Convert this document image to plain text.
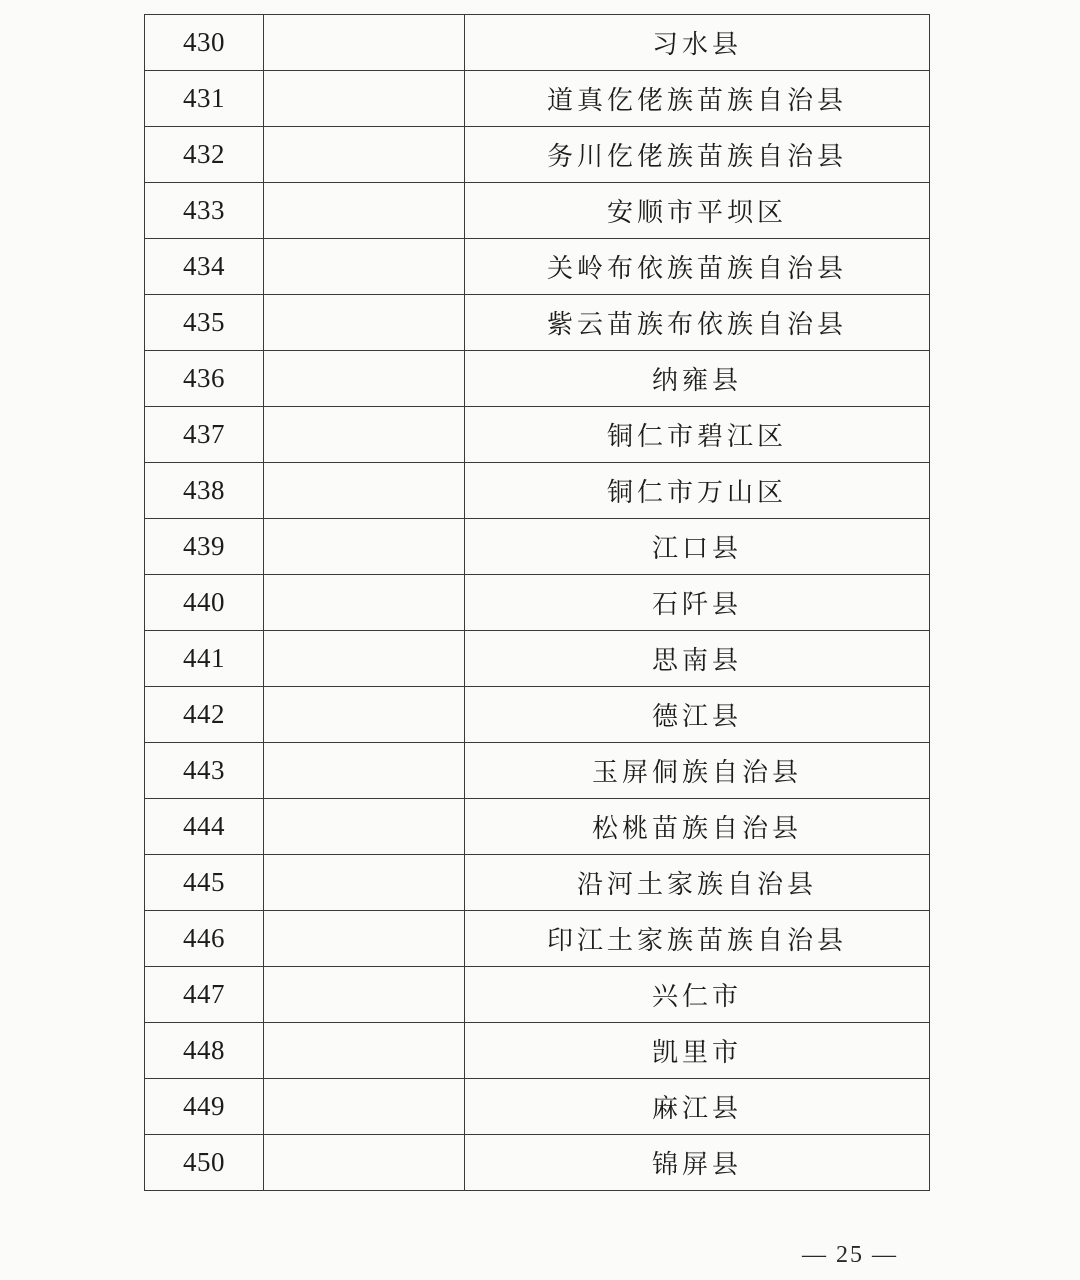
430		习水县
431		道真仡佬族苗族自治县
432		务川仡佬族苗族自治县
433		安顺市平坝区
434		关岭布依族苗族自治县
435		紫云苗族布依族自治县
436		纳雍县
437		铜仁市碧江区
438		铜仁市万山区
439		江口县
440		石阡县
441		思南县
442		德江县
443		玉屏侗族自治县
444		松桃苗族自治县
445		沿河土家族自治县
446		印江土家族苗族自治县
447		兴仁市
448		凯里市
449		麻江县
450		锦屏县
— 25 —
